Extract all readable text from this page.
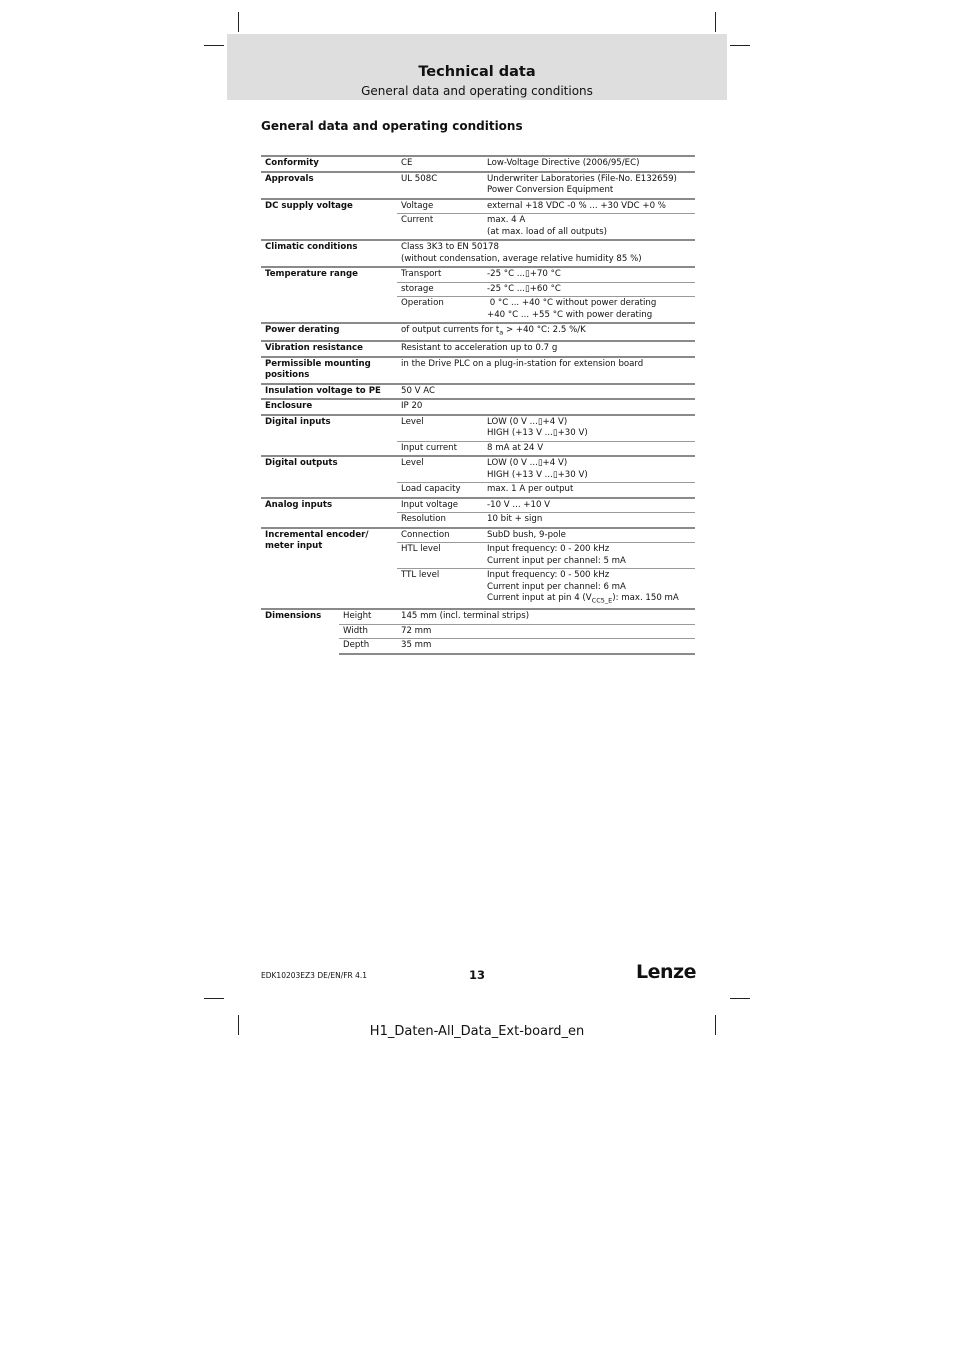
Technical data
General data and operating conditions
General data and operating conditions
Conformity		CE	Low-Voltage Directive (2006/95/EC)
Approvals		UL 508C	Underwriter Laboratories (File-No. E132659)
Power Conversion Equipment
DC supply voltage		Voltage	external +18 VDC -0 % ... +30 VDC +0 %
		Current	max. 4 A
(at max. load of all outputs)
Climatic conditions		Class 3K3 to EN 50178
(without condensation, average relative humidity 85 %)	
Temperature range		Transport	-25 °C ...▯+70 °C
		storage	-25 °C ...▯+60 °C
		Operation	0 °C ... +40 °C without power derating
+40 °C ... +55 °C with power derating
Power derating		of output currents for $t_a > +40$ °C: 2.5 %/K	
Vibration resistance		Resistant to acceleration up to 0.7 g	
Permissible mounting
positions		in the Drive PLC on a plug-in-station for extension board	
Insulation voltage to PE		50 V AC	
Enclosure		IP 20	
Digital inputs		Level	LOW (0 V ...▯+4 V)
HIGH (+13 V ...▯+30 V)
		Input current	8 mA at 24 V
Digital outputs		Level	LOW (0 V ...▯+4 V)
HIGH (+13 V ...▯+30 V)
		Load capacity	max. 1 A per output
Analog inputs		Input voltage	-10 V ... +10 V
		Resolution	10 bit + sign
Incremental encoder/
meter input		Connection	SubD bush, 9-pole
		HTL level	Input frequency: 0 - 200 kHz
Current input per channel: 5 mA
		TTL level	Input frequency: 0 - 500 kHz
Current input per channel: 6 mA
Current input at pin 4 $(V_{CC5\_E})$: max. 150 mA

Dimensions	Height	145 mm (incl. terminal strips)	
	Width	72 mm	
	Depth	35 mm	
EDK10203EZ3 DE/EN/FR 4.1	13	Lenze
H1_Daten-All_Data_Ext-board_en
